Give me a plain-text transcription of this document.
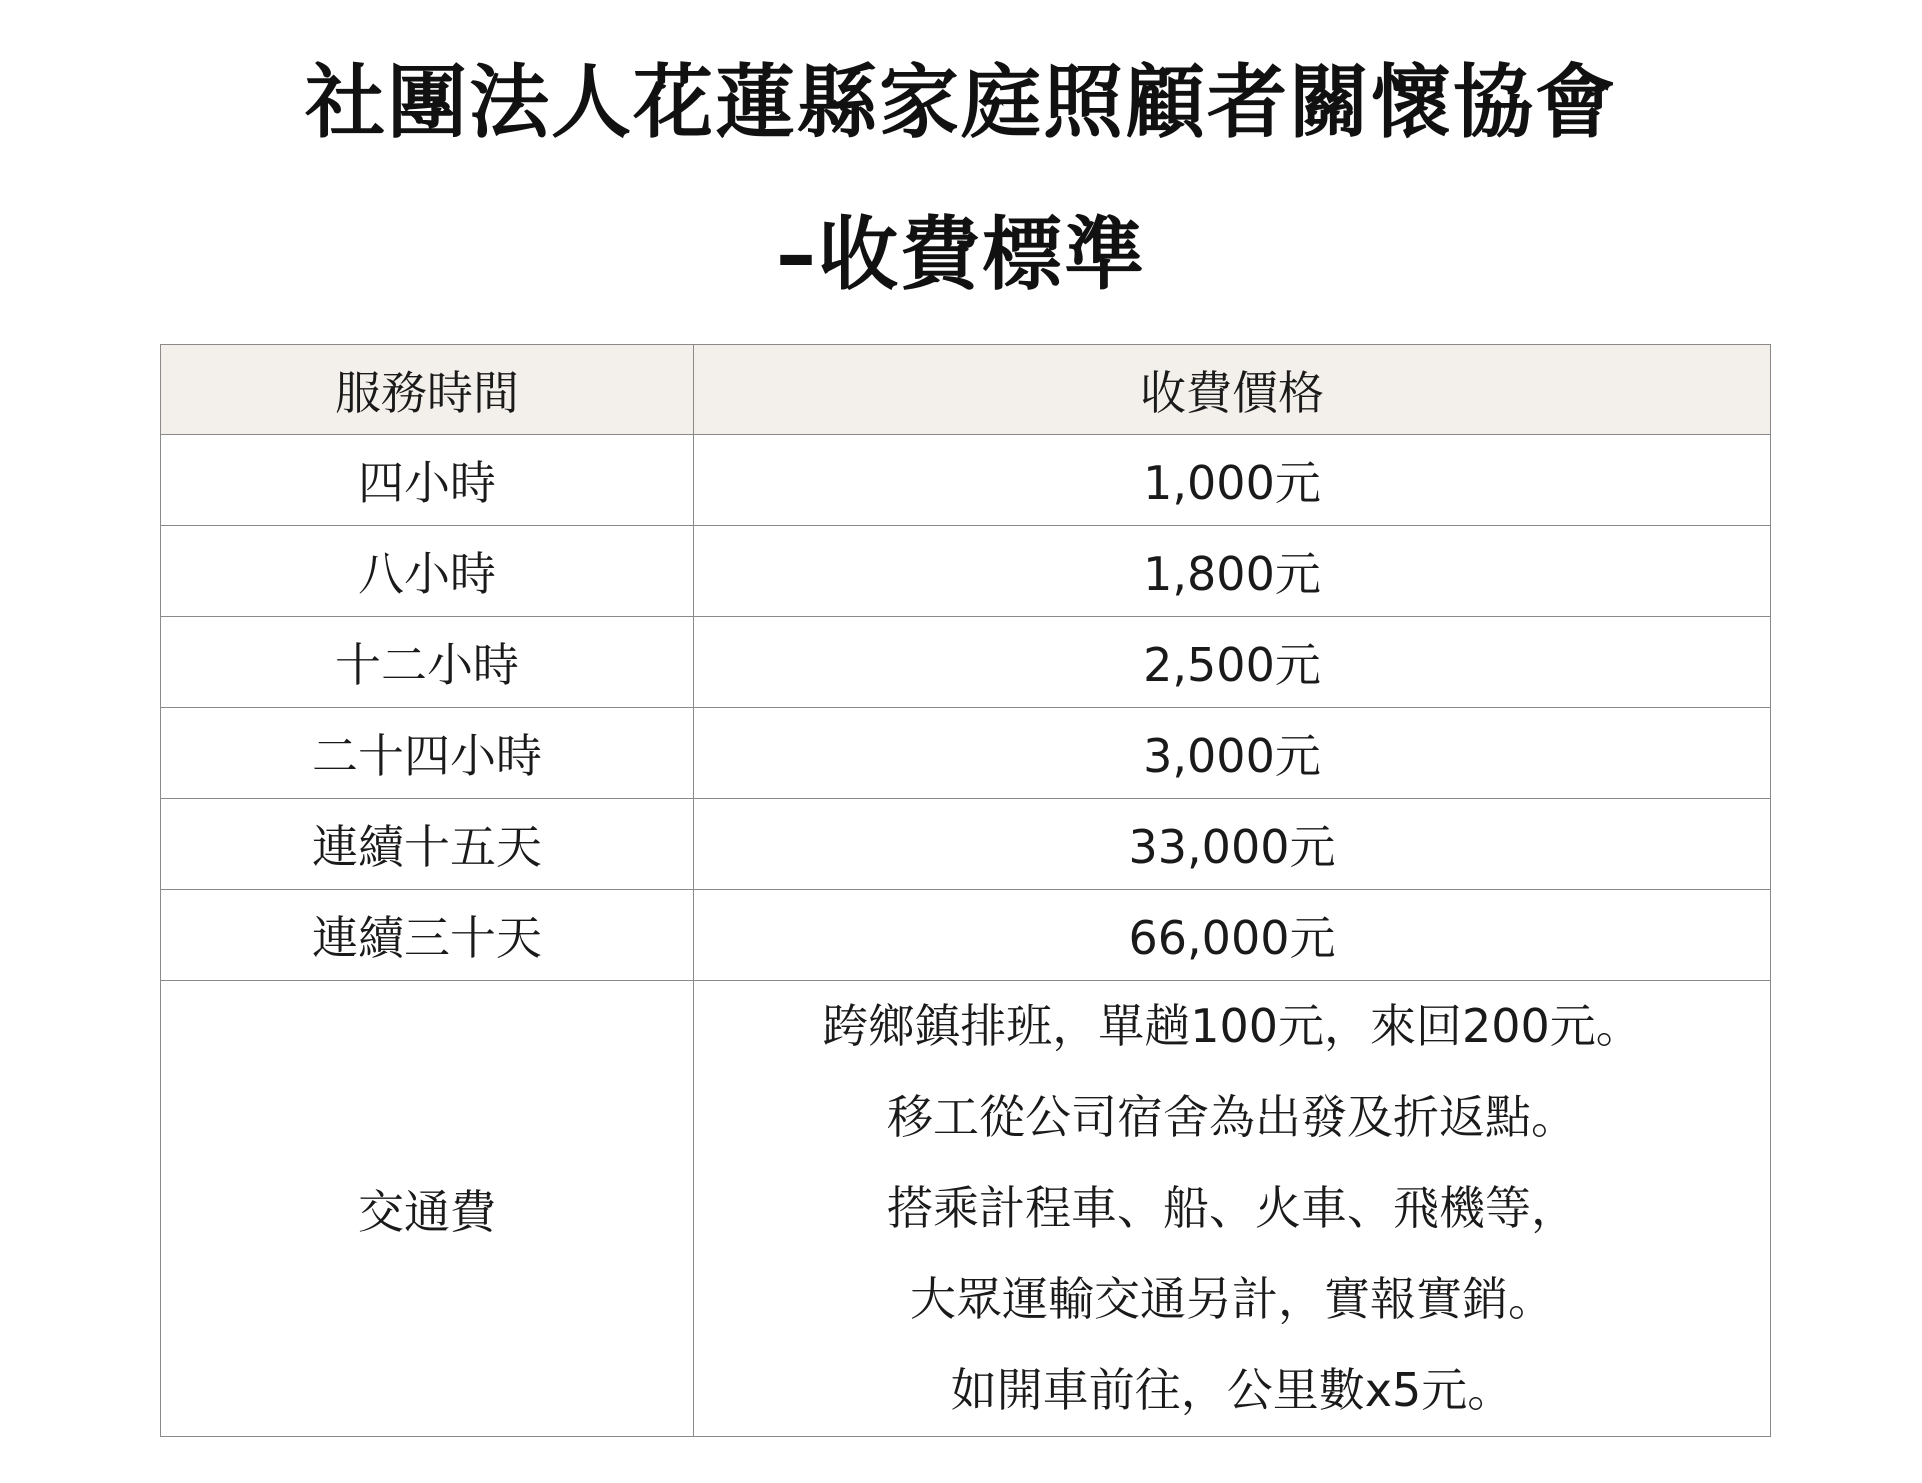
社團法人花蓮縣家庭照顧者關懷協會
–收費標準
服務時間	收費價格
四小時	1,000元
八小時	1,800元
十二小時	2,500元
二十四小時	3,000元
連續十五天	33,000元
連續三十天	66,000元
交通費	跨鄉鎮排班，單趟100元，來回200元。
移工從公司宿舍為出發及折返點。
搭乘計程車、船、火車、飛機等，
大眾運輸交通另計，實報實銷。
如開車前往，公里數x5元。
